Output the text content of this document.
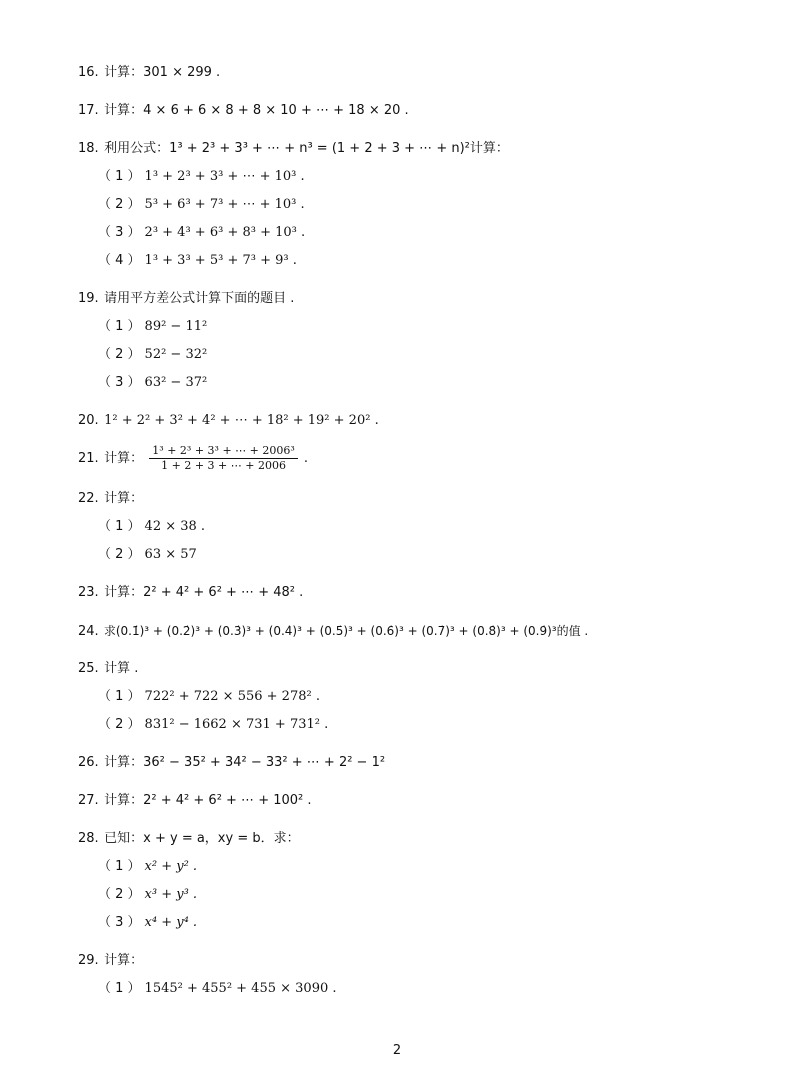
16. 计算：301 × 299 .
17. 计算：4 × 6 + 6 × 8 + 8 × 10 + ⋯ + 18 × 20 .
18. 利用公式：1³ + 2³ + 3³ + ⋯ + n³ = (1 + 2 + 3 + ⋯ + n)²计算：
（ 1 ） 1³ + 2³ + 3³ + ⋯ + 10³ .
（ 2 ） 5³ + 6³ + 7³ + ⋯ + 10³ .
（ 3 ） 2³ + 4³ + 6³ + 8³ + 10³ .
（ 4 ） 1³ + 3³ + 5³ + 7³ + 9³ .
19. 请用平方差公式计算下面的题目 .
（ 1 ） 89² − 11²
（ 2 ） 52² − 32²
（ 3 ） 63² − 37²
20. 1² + 2² + 3² + 4² + ⋯ + 18² + 19² + 20² .
21. 计算： $\frac{\text{1³ + 2³ + 3³ + ⋯ + 2006³}}{1 + 2 + 3 + \cdots + 2006}$ .
22. 计算：
（ 1 ） 42 × 38 .
（ 2 ） 63 × 57
23. 计算：2² + 4² + 6² + ⋯ + 48² .
24. 求(0.1̇)³ + (0.2̇)³ + (0.3̇)³ + (0.4̇)³ + (0.5̇)³ + (0.6̇)³ + (0.7̇)³ + (0.8̇)³ + (0.9̇)³的值 .
25. 计算 .
（ 1 ） 722² + 722 × 556 + 278² .
（ 2 ） 831² − 1662 × 731 + 731² .
26. 计算：36² − 35² + 34² − 33² + ⋯ + 2² − 1²
27. 计算：2² + 4² + 6² + ⋯ + 100² .
28. 已知：x + y = a，xy = b．求：
（ 1 ） x² + y² .
（ 2 ） x³ + y³ .
（ 3 ） x⁴ + y⁴ .
29. 计算：
（ 1 ） 1545² + 455² + 455 × 3090 .
2
